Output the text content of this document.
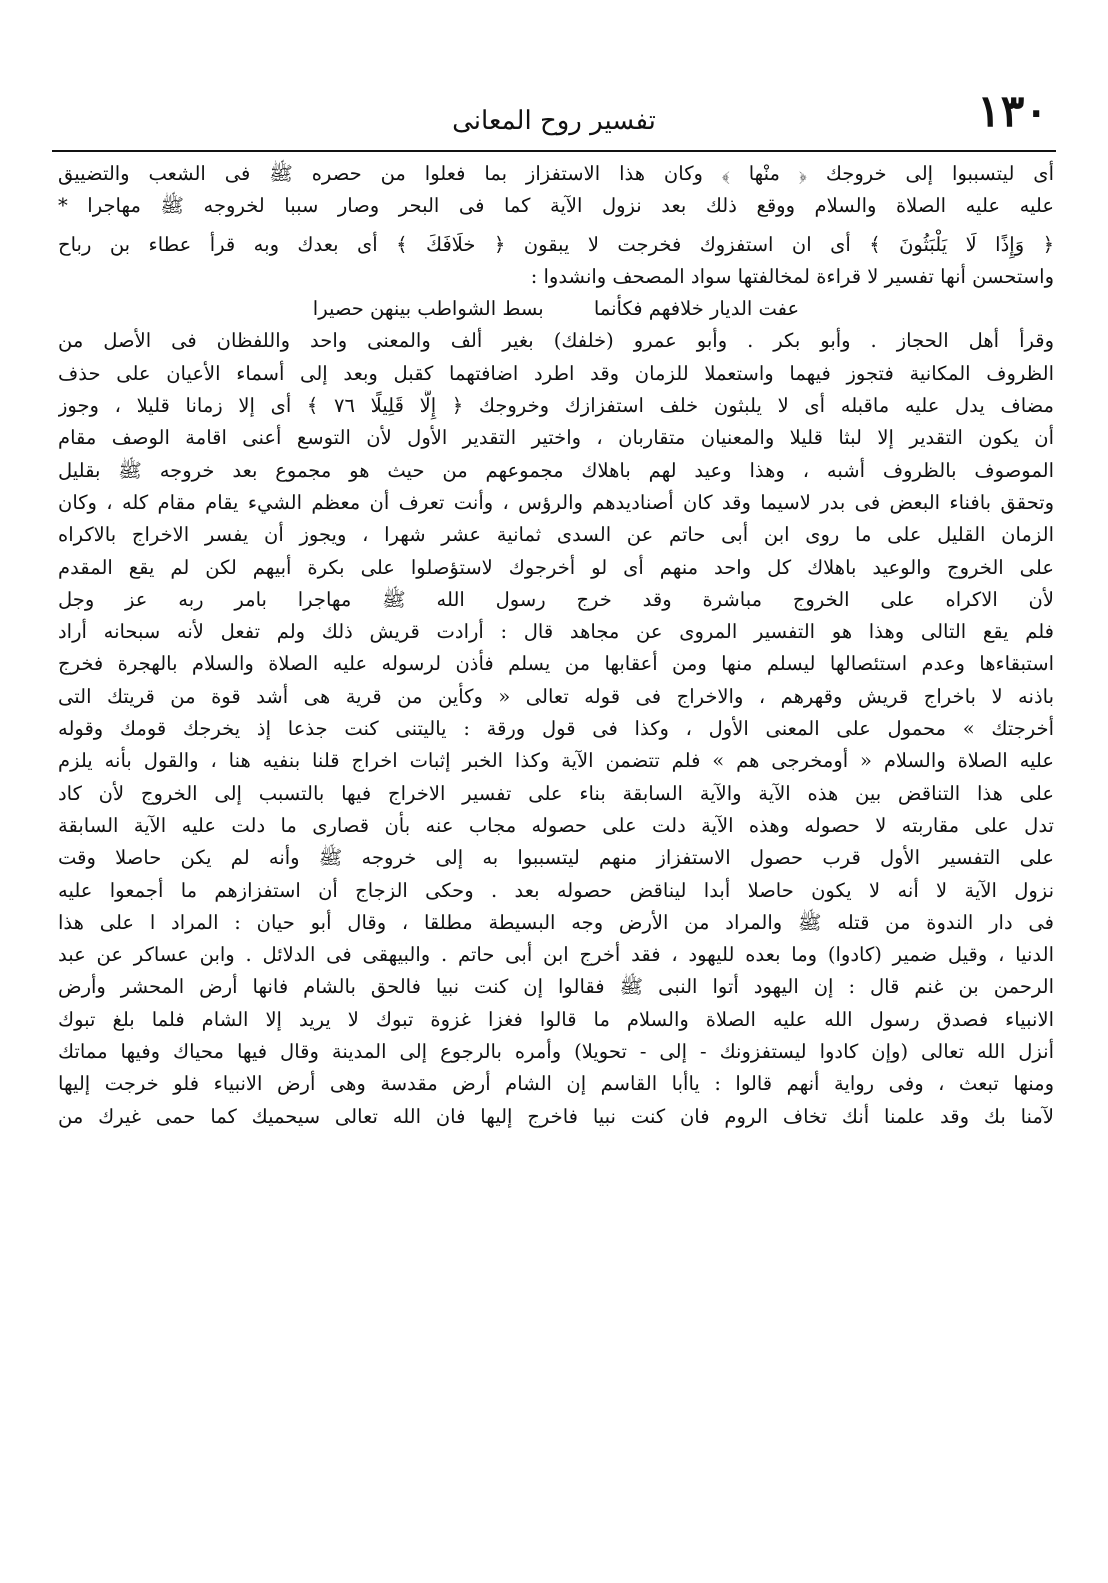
١٣٠
تفسير روح المعانى
أى ليتسببوا إلى خروجك ﴿ منْها ﴾ وكان هذا الاستفزاز بما فعلوا من حصره ﷺ فى الشعب والتضييق
عليه عليه الصلاة والسلام ووقع ذلك بعد نزول الآية كما فى البحر وصار سببا لخروجه ﷺ مهاجرا *
﴿ وَإِذًا لَا يَلْبَثُونَ ﴾ أى ان استفزوك فخرجت لا يبقون ﴿ خلَافَكَ ﴾ أى بعدك وبه قرأ عطاء بن رباح
واستحسن أنها تفسير لا قراءة لمخالفتها سواد المصحف وانشدوا :
عفت الديار خلافهم فكأنما بسط الشواطب بينهن حصيرا
وقرأ أهل الحجاز . وأبو بكر . وأبو عمرو (خلفك) بغير ألف والمعنى واحد واللفظان فى الأصل من
الظروف المكانية فتجوز فيهما واستعملا للزمان وقد اطرد اضافتهما كقبل وبعد إلى أسماء الأعيان على حذف
مضاف يدل عليه ماقبله أى لا يلبثون خلف استفزازك وخروجك ﴿ إِلَّا قَلِيلًا ٧٦ ﴾ أى إلا زمانا قليلا ، وجوز
أن يكون التقدير إلا لبثا قليلا والمعنيان متقاربان ، واختير التقدير الأول لأن التوسع أعنى اقامة الوصف مقام
الموصوف بالظروف أشبه ، وهذا وعيد لهم باهلاك مجموعهم من حيث هو مجموع بعد خروجه ﷺ بقليل
وتحقق بافناء البعض فى بدر لاسيما وقد كان أصناديدهم والرؤس ، وأنت تعرف أن معظم الشيء يقام مقام كله ، وكان
الزمان القليل على ما روى ابن أبى حاتم عن السدى ثمانية عشر شهرا ، ويجوز أن يفسر الاخراج بالاكراه
على الخروج والوعيد باهلاك كل واحد منهم أى لو أخرجوك لاستؤصلوا على بكرة أبيهم لكن لم يقع المقدم
لأن الاكراه على الخروج مباشرة وقد خرج رسول الله ﷺ مهاجرا بامر ربه عز وجل
فلم يقع التالى وهذا هو التفسير المروى عن مجاهد قال : أرادت قريش ذلك ولم تفعل لأنه سبحانه أراد
استبقاءها وعدم استئصالها ليسلم منها ومن أعقابها من يسلم فأذن لرسوله عليه الصلاة والسلام بالهجرة فخرج
باذنه لا باخراج قريش وقهرهم ، والاخراج فى قوله تعالى « وكأين من قرية هى أشد قوة من قريتك التى
أخرجتك » محمول على المعنى الأول ، وكذا فى قول ورقة : ياليتنى كنت جذعا إذ يخرجك قومك وقوله
عليه الصلاة والسلام « أومخرجى هم » فلم تتضمن الآية وكذا الخبر إثبات اخراج قلنا بنفيه هنا ، والقول بأنه يلزم
على هذا التناقض بين هذه الآية والآية السابقة بناء على تفسير الاخراج فيها بالتسبب إلى الخروج لأن كاد
تدل على مقاربته لا حصوله وهذه الآية دلت على حصوله مجاب عنه بأن قصارى ما دلت عليه الآية السابقة
على التفسير الأول قرب حصول الاستفزاز منهم ليتسببوا به إلى خروجه ﷺ وأنه لم يكن حاصلا وقت
نزول الآية لا أنه لا يكون حاصلا أبدا ليناقض حصوله بعد . وحكى الزجاج أن استفزازهم ما أجمعوا عليه
فى دار الندوة من قتله ﷺ والمراد من الأرض وجه البسيطة مطلقا ، وقال أبو حيان : المراد ا على هذا
الدنيا ، وقيل ضمير (كادوا) وما بعده لليهود ، فقد أخرج ابن أبى حاتم . والبيهقى فى الدلائل . وابن عساكر عن عبد
الرحمن بن غنم قال : إن اليهود أتوا النبى ﷺ فقالوا إن كنت نبيا فالحق بالشام فانها أرض المحشر وأرض
الانبياء فصدق رسول الله عليه الصلاة والسلام ما قالوا فغزا غزوة تبوك لا يريد إلا الشام فلما بلغ تبوك
أنزل الله تعالى (وإن كادوا ليستفزونك - إلى - تحويلا) وأمره بالرجوع إلى المدينة وقال فيها محياك وفيها مماتك
ومنها تبعث ، وفى رواية أنهم قالوا : ياأبا القاسم إن الشام أرض مقدسة وهى أرض الانبياء فلو خرجت إليها
لآمنا بك وقد علمنا أنك تخاف الروم فان كنت نبيا فاخرج إليها فان الله تعالى سيحميك كما حمى غيرك من
